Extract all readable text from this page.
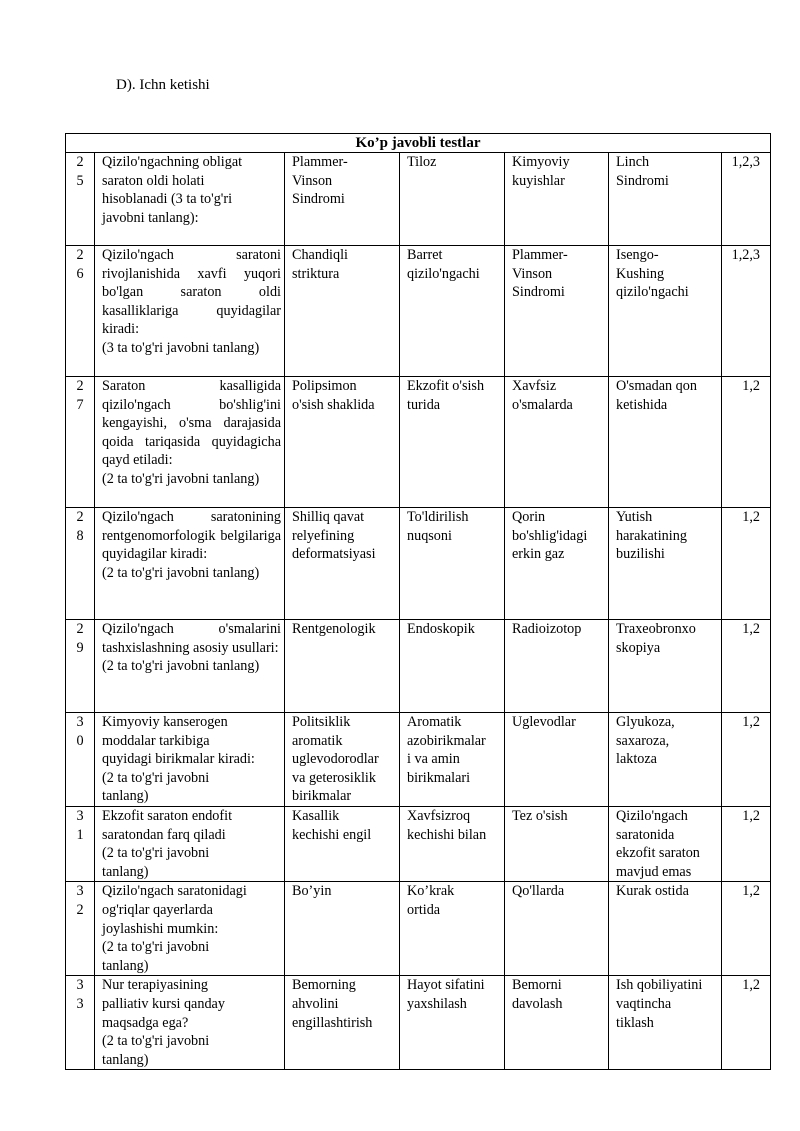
D). Ichn ketishi

Ko’p javobli testlar						
2
5	Qizilo'ngachning obligat
saraton oldi holati
hisoblanadi (3 ta to'g'ri
javobni tanlang):	Plammer-
Vinson
Sindromi	Tiloz	Kimyoviy
kuyishlar	Linch
Sindromi	1,2,3
2
6	Qizilo'ngach saratoni rivojlanishida xavfi yuqori bo'lgan saraton oldi kasalliklariga quyidagilar kiradi:
(3 ta to'g'ri javobni tanlang)	Chandiqli
striktura	Barret
qizilo'ngachi	Plammer-
Vinson
Sindromi	Isengo-
Kushing
qizilo'ngachi	1,2,3
2
7	Saraton kasalligida qizilo'ngach bo'shlig'ini kengayishi, o'sma darajasida qoida tariqasida quyidagicha qayd etiladi:
(2 ta to'g'ri javobni tanlang)	Polipsimon
o'sish shaklida	Ekzofit o'sish
turida	Xavfsiz
o'smalarda	O'smadan qon
ketishida	1,2
2
8	Qizilo'ngach saratonining rentgenomorfologik belgilariga quyidagilar kiradi:
(2 ta to'g'ri javobni tanlang)	Shilliq qavat
relyefining
deformatsiyasi	To'ldirilish
nuqsoni	Qorin
bo'shlig'idagi
erkin gaz	Yutish
harakatining
buzilishi	1,2
2
9	Qizilo'ngach o'smalarini tashxislashning asosiy usullari:
(2 ta to'g'ri javobni tanlang)	Rentgenologik	Endoskopik	Radioizotop	Traxeobronxo
skopiya	1,2
3
0	Kimyoviy kanserogen
moddalar tarkibiga
quyidagi birikmalar kiradi:
(2 ta to'g'ri javobni
tanlang)	Politsiklik
aromatik
uglevodorodlar
va geterosiklik
birikmalar	Aromatik
azobirikmalar
i va amin
birikmalari	Uglevodlar	Glyukoza,
saxaroza,
laktoza	1,2
3
1	Ekzofit saraton endofit
saratondan farq qiladi
(2 ta to'g'ri javobni
tanlang)	Kasallik
kechishi engil	Xavfsizroq
kechishi bilan	Tez o'sish	Qizilo'ngach
saratonida
ekzofit saraton
mavjud emas	1,2
3
2	Qizilo'ngach saratonidagi
og'riqlar qayerlarda
joylashishi mumkin:
(2 ta to'g'ri javobni
tanlang)	Bo’yin	Ko’krak
ortida	Qo'llarda	Kurak ostida	1,2
3
3	Nur terapiyasining
palliativ kursi qanday
maqsadga ega?
(2 ta to'g'ri javobni
tanlang)	Bemorning
ahvolini
engillashtirish	Hayot sifatini
yaxshilash	Bemorni
davolash	Ish qobiliyatini
vaqtincha
tiklash	1,2
